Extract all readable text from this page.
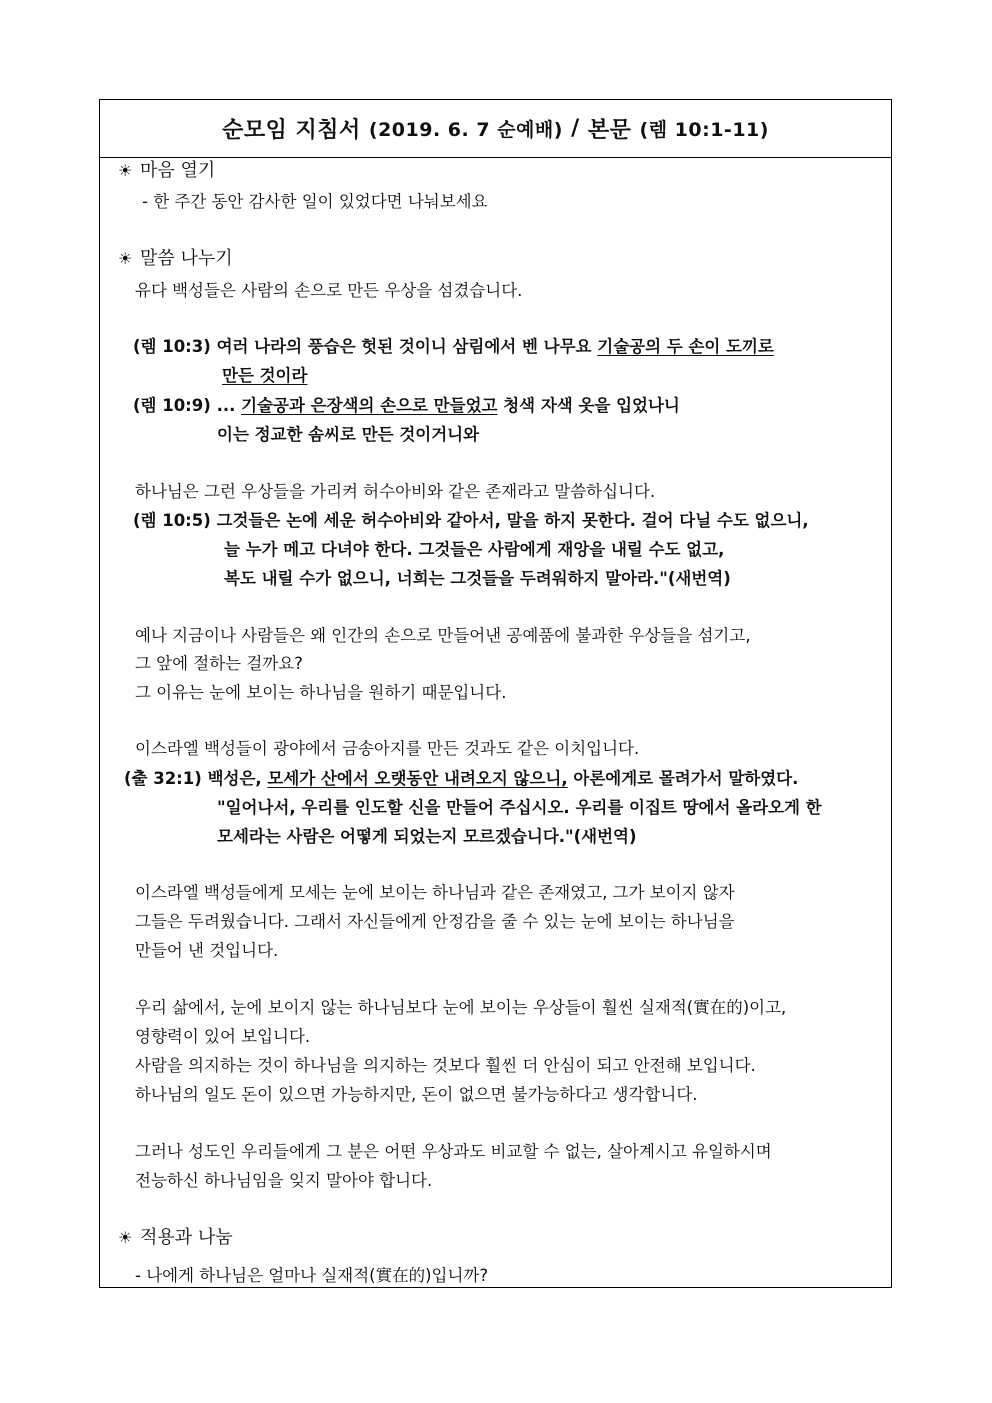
순모임 지침서
(2019. 6. 7 순예배)
/
본문
(렘 10:1-11)
☀ 마음 열기
- 한 주간 동안 감사한 일이 있었다면 나눠보세요
☀ 말씀 나누기
유다 백성들은 사람의 손으로 만든 우상을 섬겼습니다.
(렘 10:3) 여러 나라의 풍습은 헛된 것이니 삼림에서 벤 나무요 기술공의 두 손이 도끼로
만든 것이라
(렘 10:9) ... 기술공과 은장색의 손으로 만들었고 청색 자색 옷을 입었나니
이는 정교한 솜씨로 만든 것이거니와
하나님은 그런 우상들을 가리켜 허수아비와 같은 존재라고 말씀하십니다.
(렘 10:5) 그것들은 논에 세운 허수아비와 같아서, 말을 하지 못한다. 걸어 다닐 수도 없으니,
늘 누가 메고 다녀야 한다. 그것들은 사람에게 재앙을 내릴 수도 없고,
복도 내릴 수가 없으니, 너희는 그것들을 두려워하지 말아라."(새번역)
예나 지금이나 사람들은 왜 인간의 손으로 만들어낸 공예품에 불과한 우상들을 섬기고,
그 앞에 절하는 걸까요?
그 이유는 눈에 보이는 하나님을 원하기 때문입니다.
이스라엘 백성들이 광야에서 금송아지를 만든 것과도 같은 이치입니다.
(출 32:1) 백성은, 모세가 산에서 오랫동안 내려오지 않으니, 아론에게로 몰려가서 말하였다.
"일어나서, 우리를 인도할 신을 만들어 주십시오. 우리를 이집트 땅에서 올라오게 한
모세라는 사람은 어떻게 되었는지 모르겠습니다."(새번역)
이스라엘 백성들에게 모세는 눈에 보이는 하나님과 같은 존재였고, 그가 보이지 않자
그들은 두려웠습니다. 그래서 자신들에게 안정감을 줄 수 있는 눈에 보이는 하나님을
만들어 낸 것입니다.
우리 삶에서, 눈에 보이지 않는 하나님보다 눈에 보이는 우상들이 훨씬 실재적(實在的)이고,
영향력이 있어 보입니다.
사람을 의지하는 것이 하나님을 의지하는 것보다 훨씬 더 안심이 되고 안전해 보입니다.
하나님의 일도 돈이 있으면 가능하지만, 돈이 없으면 불가능하다고 생각합니다.
그러나 성도인 우리들에게 그 분은 어떤 우상과도 비교할 수 없는, 살아계시고 유일하시며
전능하신 하나님임을 잊지 말아야 합니다.
☀ 적용과 나눔
- 나에게 하나님은 얼마나 실재적(實在的)입니까?
